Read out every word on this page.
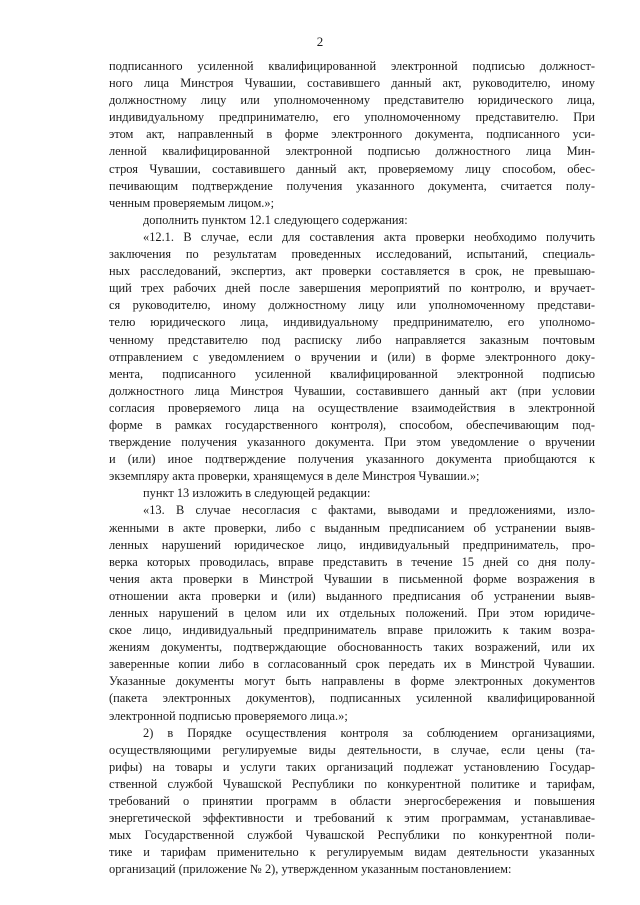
2
подписанного усиленной квалифицированной электронной подписью должност-
ного лица Минстроя Чувашии, составившего данный акт, руководителю, иному
должностному лицу или уполномоченному представителю юридического лица,
индивидуальному предпринимателю, его уполномоченному представителю. При
этом акт, направленный в форме электронного документа, подписанного уси-
ленной квалифицированной электронной подписью должностного лица Мин-
строя Чувашии, составившего данный акт, проверяемому лицу способом, обес-
печивающим подтверждение получения указанного документа, считается полу-
ченным проверяемым лицом.»;
дополнить пунктом 12.1 следующего содержания:
«12.1. В случае, если для составления акта проверки необходимо получить
заключения по результатам проведенных исследований, испытаний, специаль-
ных расследований, экспертиз, акт проверки составляется в срок, не превышаю-
щий трех рабочих дней после завершения мероприятий по контролю, и вручает-
ся руководителю, иному должностному лицу или уполномоченному представи-
телю юридического лица, индивидуальному предпринимателю, его уполномо-
ченному представителю под расписку либо направляется заказным почтовым
отправлением с уведомлением о вручении и (или) в форме электронного доку-
мента, подписанного усиленной квалифицированной электронной подписью
должностного лица Минстроя Чувашии, составившего данный акт (при условии
согласия проверяемого лица на осуществление взаимодействия в электронной
форме в рамках государственного контроля), способом, обеспечивающим под-
тверждение получения указанного документа. При этом уведомление о вручении
и (или) иное подтверждение получения указанного документа приобщаются к
экземпляру акта проверки, хранящемуся в деле Минстроя Чувашии.»;
пункт 13 изложить в следующей редакции:
«13. В случае несогласия с фактами, выводами и предложениями, изло-
женными в акте проверки, либо с выданным предписанием об устранении выяв-
ленных нарушений юридическое лицо, индивидуальный предприниматель, про-
верка которых проводилась, вправе представить в течение 15 дней со дня полу-
чения акта проверки в Минстрой Чувашии в письменной форме возражения в
отношении акта проверки и (или) выданного предписания об устранении выяв-
ленных нарушений в целом или их отдельных положений. При этом юридиче-
ское лицо, индивидуальный предприниматель вправе приложить к таким возра-
жениям документы, подтверждающие обоснованность таких возражений, или их
заверенные копии либо в согласованный срок передать их в Минстрой Чувашии.
Указанные документы могут быть направлены в форме электронных документов
(пакета электронных документов), подписанных усиленной квалифицированной
электронной подписью проверяемого лица.»;
2) в Порядке осуществления контроля за соблюдением организациями,
осуществляющими регулируемые виды деятельности, в случае, если цены (та-
рифы) на товары и услуги таких организаций подлежат установлению Государ-
ственной службой Чувашской Республики по конкурентной политике и тарифам,
требований о принятии программ в области энергосбережения и повышения
энергетической эффективности и требований к этим программам, устанавливае-
мых Государственной службой Чувашской Республики по конкурентной поли-
тике и тарифам применительно к регулируемым видам деятельности указанных
организаций (приложение № 2), утвержденном указанным постановлением:
